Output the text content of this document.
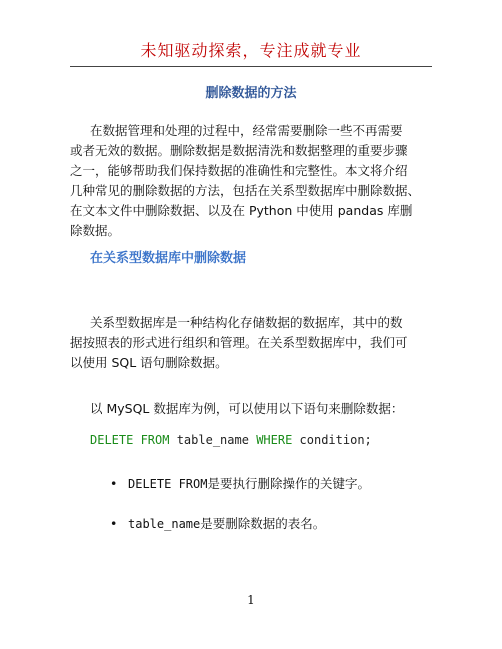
未知驱动探索，专注成就专业
删除数据的方法
在数据管理和处理的过程中，经常需要删除一些不再需要
或者无效的数据。删除数据是数据清洗和数据整理的重要步骤
之一，能够帮助我们保持数据的准确性和完整性。本文将介绍
几种常见的删除数据的方法，包括在关系型数据库中删除数据、
在文本文件中删除数据、以及在 Python 中使用 pandas 库删
除数据。
在关系型数据库中删除数据
关系型数据库是一种结构化存储数据的数据库，其中的数
据按照表的形式进行组织和管理。在关系型数据库中，我们可
以使用 SQL 语句删除数据。
以 MySQL 数据库为例，可以使用以下语句来删除数据：
DELETE FROM table_name WHERE condition;
• DELETE FROM是要执行删除操作的关键字。
• table_name是要删除数据的表名。
1
